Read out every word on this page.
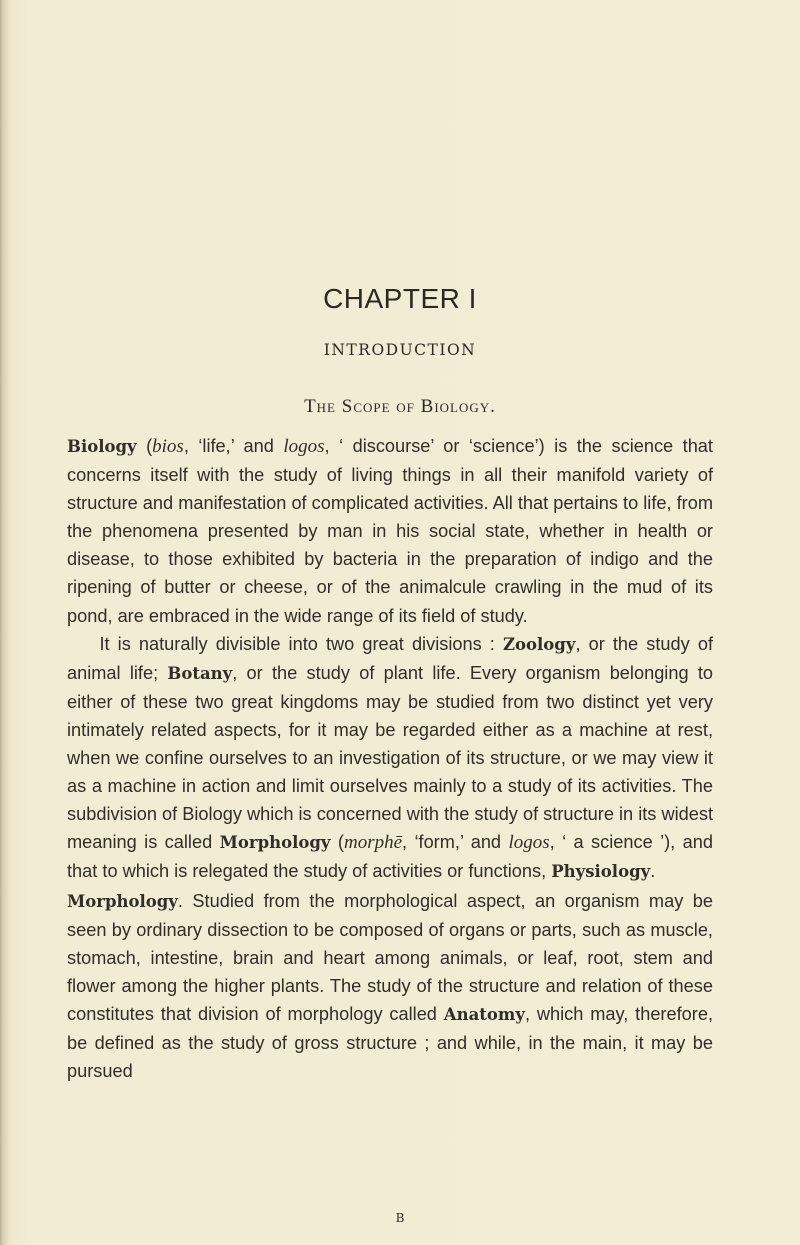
CHAPTER I
INTRODUCTION
The Scope of Biology.

Biology (bios, ‘life,’ and logos, ‘ discourse’ or ‘science’) is the science that concerns itself with the study of living things in all their manifold variety of structure and manifestation of complicated activities. All that pertains to life, from the phenomena presented by man in his social state, whether in health or disease, to those exhibited by bacteria in the preparation of indigo and the ripening of butter or cheese, or of the animalcule crawling in the mud of its pond, are embraced in the wide range of its field of study.

It is naturally divisible into two great divisions : Zoology, or the study of animal life; Botany, or the study of plant life. Every organism belonging to either of these two great kingdoms may be studied from two distinct yet very intimately related aspects, for it may be regarded either as a machine at rest, when we confine ourselves to an investigation of its structure, or we may view it as a machine in action and limit ourselves mainly to a study of its activities. The subdivision of Biology which is concerned with the study of structure in its widest meaning is called Morphology (morphē, ‘form,’ and logos, ‘ a science ’), and that to which is relegated the study of activities or functions, Physiology.

Morphology. Studied from the morphological aspect, an organism may be seen by ordinary dissection to be composed of organs or parts, such as muscle, stomach, intestine, brain and heart among animals, or leaf, root, stem and flower among the higher plants. The study of the structure and relation of these constitutes that division of morphology called Anatomy, which may, therefore, be defined as the study of gross structure ; and while, in the main, it may be pursued

B
